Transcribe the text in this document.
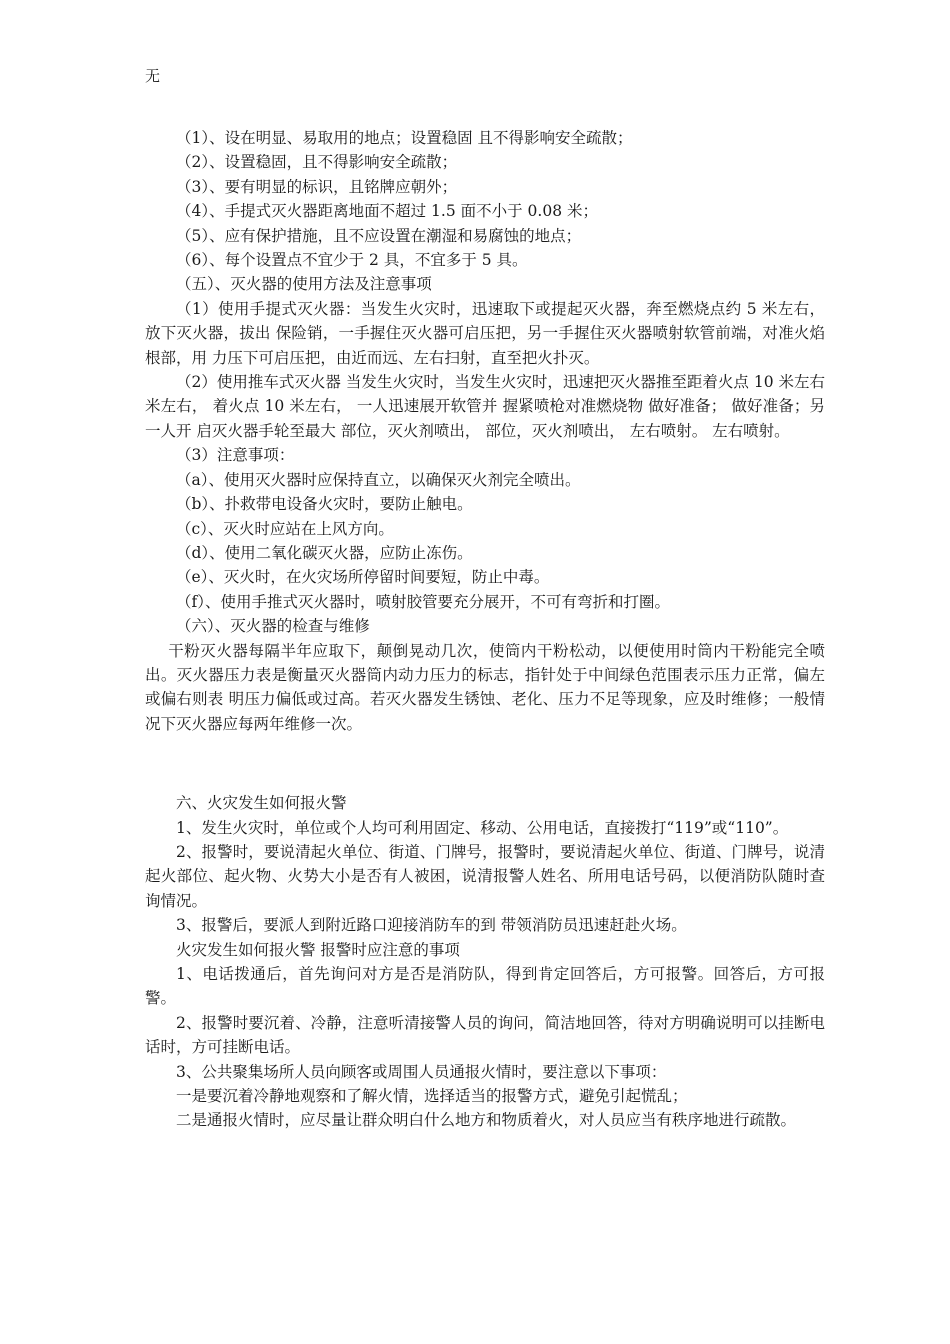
无

（1）、设在明显、易取用的地点；设置稳固 且不得影响安全疏散；

（2）、设置稳固，且不得影响安全疏散；

（3）、要有明显的标识，且铭牌应朝外；

（4）、手提式灭火器距离地面不超过 1.5 面不小于 0.08 米；

（5）、应有保护措施，且不应设置在潮湿和易腐蚀的地点；

（6）、每个设置点不宜少于 2 具，不宜多于 5 具。

（五）、灭火器的使用方法及注意事项

（1）使用手提式灭火器：当发生火灾时，迅速取下或提起灭火器，奔至燃烧点约 5 米左右，放下灭火器，拔出 保险销，一手握住灭火器可启压把，另一手握住灭火器喷射软管前端，对准火焰根部，用 力压下可启压把，由近而远、左右扫射，直至把火扑灭。

（2）使用推车式灭火器 当发生火灾时，当发生火灾时，迅速把灭火器推至距着火点 10 米左右 米左右， 着火点 10 米左右， 一人迅速展开软管并 握紧喷枪对准燃烧物 做好准备； 做好准备；另一人开 启灭火器手轮至最大 部位，灭火剂喷出， 部位，灭火剂喷出， 左右喷射。 左右喷射。

（3）注意事项：

（a）、使用灭火器时应保持直立，以确保灭火剂完全喷出。

（b）、扑救带电设备火灾时，要防止触电。

（c）、灭火时应站在上风方向。

（d）、使用二氧化碳灭火器，应防止冻伤。

（e）、灭火时，在火灾场所停留时间要短，防止中毒。

（f）、使用手推式灭火器时，喷射胶管要充分展开，不可有弯折和打圈。

（六）、灭火器的检查与维修

干粉灭火器每隔半年应取下，颠倒晃动几次，使筒内干粉松动，以便使用时筒内干粉能完全喷出。灭火器压力表是衡量灭火器筒内动力压力的标志，指针处于中间绿色范围表示压力正常，偏左或偏右则表 明压力偏低或过高。若灭火器发生锈蚀、老化、压力不足等现象，应及时维修；一般情况下灭火器应每两年维修一次。

六、火灾发生如何报火警

1、发生火灾时，单位或个人均可利用固定、移动、公用电话，直接拨打“119”或“110”。

2、报警时，要说清起火单位、街道、门牌号，报警时，要说清起火单位、街道、门牌号，说清起火部位、起火物、火势大小是否有人被困，说清报警人姓名、所用电话号码，以便消防队随时查询情况。

3、报警后，要派人到附近路口迎接消防车的到 带领消防员迅速赶赴火场。

火灾发生如何报火警 报警时应注意的事项

1、电话拨通后，首先询问对方是否是消防队，得到肯定回答后，方可报警。回答后，方可报警。

2、报警时要沉着、冷静，注意听清接警人员的询问，简洁地回答，待对方明确说明可以挂断电话时，方可挂断电话。

3、公共聚集场所人员向顾客或周围人员通报火情时，要注意以下事项：

一是要沉着冷静地观察和了解火情，选择适当的报警方式，避免引起慌乱；

二是通报火情时，应尽量让群众明白什么地方和物质着火，对人员应当有秩序地进行疏散。
